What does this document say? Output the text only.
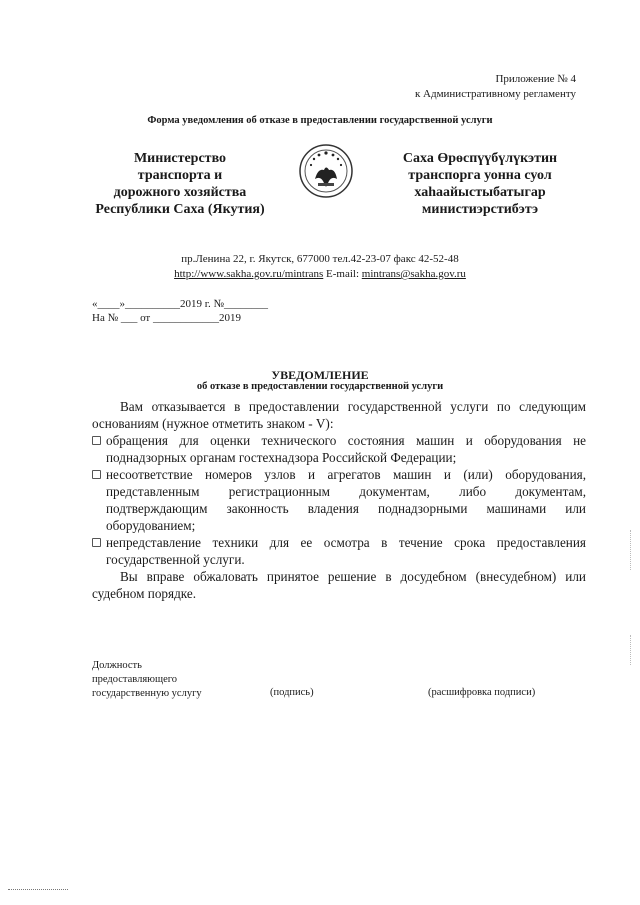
Приложение № 4
к Административному регламенту
Форма уведомления об отказе в предоставлении государственной услуги
Министерство
транспорта и
дорожного хозяйства
Республики Саха (Якутия)
Саха Өрөспүүбүлүкэтин
транспорга уонна суол
хаһаайыстыбатыгар
министиэрстибэтэ
пр.Ленина 22, г. Якутск, 677000 тел.42-23-07 факс 42-52-48
http://www.sakha.gov.ru/mintrans E-mail: mintrans@sakha.gov.ru
«____»__________2019 г. №________
На № ___ от ____________2019
УВЕДОМЛЕНИЕ
об отказе в предоставлении государственной услуги

Вам отказывается в предоставлении государственной услуги по следующим основаниям (нужное отметить знаком - V):

обращения для оценки технического состояния машин и оборудования не поднадзорных органам гостехнадзора Российской Федерации;

несоответствие номеров узлов и агрегатов машин и (или) оборудования, представленным регистрационным документам, либо документам, подтверждающим законность владения поднадзорными машинами или оборудованием;

непредставление техники для ее осмотра в течение срока предоставления государственной услуги.

Вы вправе обжаловать принятое решение в досудебном (внесудебном) или судебном порядке.

Должность
предоставляющего
государственную услугу	(подпись)	(расшифровка подписи)
